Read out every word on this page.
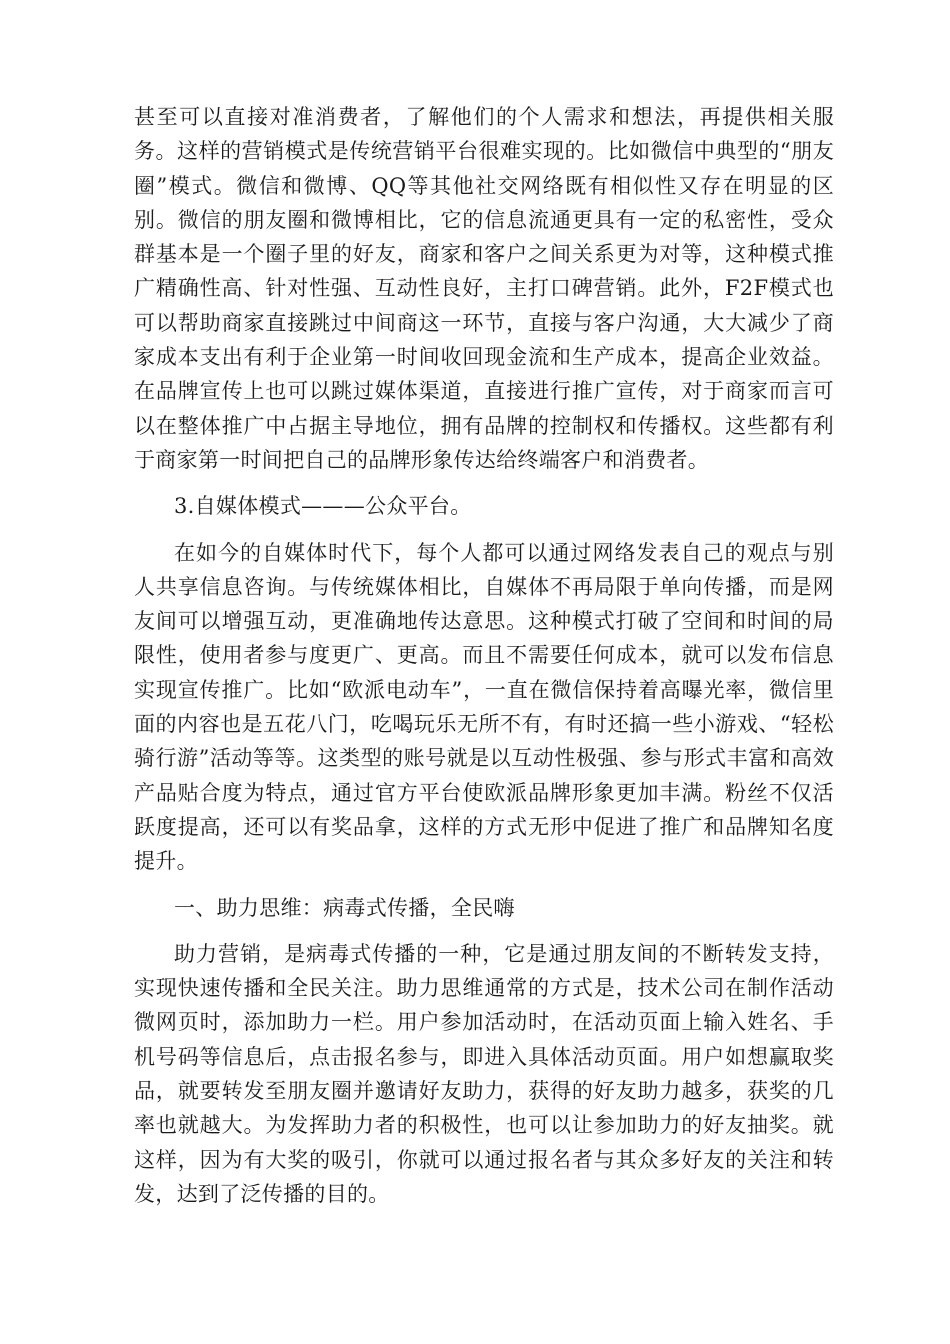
甚至可以直接对准消费者，了解他们的个人需求和想法，再提供相关服务。这样的营销模式是传统营销平台很难实现的。比如微信中典型的“朋友圈”模式。微信和微博、QQ等其他社交网络既有相似性又存在明显的区别。微信的朋友圈和微博相比，它的信息流通更具有一定的私密性，受众群基本是一个圈子里的好友，商家和客户之间关系更为对等，这种模式推广精确性高、针对性强、互动性良好，主打口碑营销。此外，F2F模式也可以帮助商家直接跳过中间商这一环节，直接与客户沟通，大大减少了商家成本支出有利于企业第一时间收回现金流和生产成本，提高企业效益。在品牌宣传上也可以跳过媒体渠道，直接进行推广宣传，对于商家而言可以在整体推广中占据主导地位，拥有品牌的控制权和传播权。这些都有利于商家第一时间把自己的品牌形象传达给终端客户和消费者。

3.自媒体模式———公众平台。

在如今的自媒体时代下，每个人都可以通过网络发表自己的观点与别人共享信息咨询。与传统媒体相比，自媒体不再局限于单向传播，而是网友间可以增强互动，更准确地传达意思。这种模式打破了空间和时间的局限性，使用者参与度更广、更高。而且不需要任何成本，就可以发布信息实现宣传推广。比如“欧派电动车”，一直在微信保持着高曝光率，微信里面的内容也是五花八门，吃喝玩乐无所不有，有时还搞一些小游戏、“轻松骑行游”活动等等。这类型的账号就是以互动性极强、参与形式丰富和高效产品贴合度为特点，通过官方平台使欧派品牌形象更加丰满。粉丝不仅活跃度提高，还可以有奖品拿，这样的方式无形中促进了推广和品牌知名度提升。

一、助力思维：病毒式传播，全民嗨

助力营销，是病毒式传播的一种，它是通过朋友间的不断转发支持，实现快速传播和全民关注。助力思维通常的方式是，技术公司在制作活动微网页时，添加助力一栏。用户参加活动时，在活动页面上输入姓名、手机号码等信息后，点击报名参与，即进入具体活动页面。用户如想赢取奖品，就要转发至朋友圈并邀请好友助力，获得的好友助力越多，获奖的几率也就越大。为发挥助力者的积极性，也可以让参加助力的好友抽奖。就这样，因为有大奖的吸引，你就可以通过报名者与其众多好友的关注和转发，达到了泛传播的目的。
